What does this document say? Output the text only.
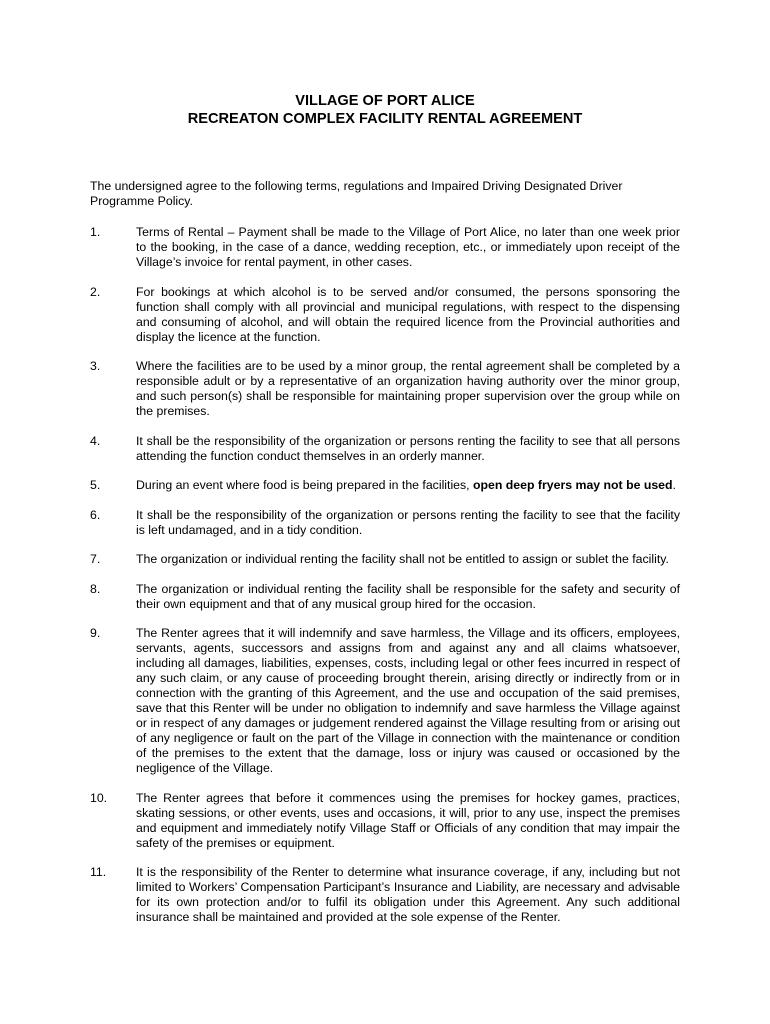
VILLAGE OF PORT ALICE
RECREATON COMPLEX FACILITY RENTAL AGREEMENT
The undersigned agree to the following terms, regulations and Impaired Driving Designated Driver Programme Policy.
1.	Terms of Rental – Payment shall be made to the Village of Port Alice, no later than one week prior to the booking, in the case of a dance, wedding reception, etc., or immediately upon receipt of the Village’s invoice for rental payment, in other cases.
2.	For bookings at which alcohol is to be served and/or consumed, the persons sponsoring the function shall comply with all provincial and municipal regulations, with respect to the dispensing and consuming of alcohol, and will obtain the required licence from the Provincial authorities and display the licence at the function.
3.	Where the facilities are to be used by a minor group, the rental agreement shall be completed by a responsible adult or by a representative of an organization having authority over the minor group, and such person(s) shall be responsible for maintaining proper supervision over the group while on the premises.
4.	It shall be the responsibility of the organization or persons renting the facility to see that all persons attending the function conduct themselves in an orderly manner.
5.	During an event where food is being prepared in the facilities, open deep fryers may not be used.
6.	It shall be the responsibility of the organization or persons renting the facility to see that the facility is left undamaged, and in a tidy condition.
7.	The organization or individual renting the facility shall not be entitled to assign or sublet the facility.
8.	The organization or individual renting the facility shall be responsible for the safety and security of their own equipment and that of any musical group hired for the occasion.
9.	The Renter agrees that it will indemnify and save harmless, the Village and its officers, employees, servants, agents, successors and assigns from and against any and all claims whatsoever, including all damages, liabilities, expenses, costs, including legal or other fees incurred in respect of any such claim, or any cause of proceeding brought therein, arising directly or indirectly from or in connection with the granting of this Agreement, and the use and occupation of the said premises, save that this Renter will be under no obligation to indemnify and save harmless the Village against or in respect of any damages or judgement rendered against the Village resulting from or arising out of any negligence or fault on the part of the Village in connection with the maintenance or condition of the premises to the extent that the damage, loss or injury was caused or occasioned by the negligence of the Village.
10.	The Renter agrees that before it commences using the premises for hockey games, practices, skating sessions, or other events, uses and occasions, it will, prior to any use, inspect the premises and equipment and immediately notify Village Staff or Officials of any condition that may impair the safety of the premises or equipment.
11.	It is the responsibility of the Renter to determine what insurance coverage, if any, including but not limited to Workers’ Compensation Participant’s Insurance and Liability, are necessary and advisable for its own protection and/or to fulfil its obligation under this Agreement. Any such additional insurance shall be maintained and provided at the sole expense of the Renter.
